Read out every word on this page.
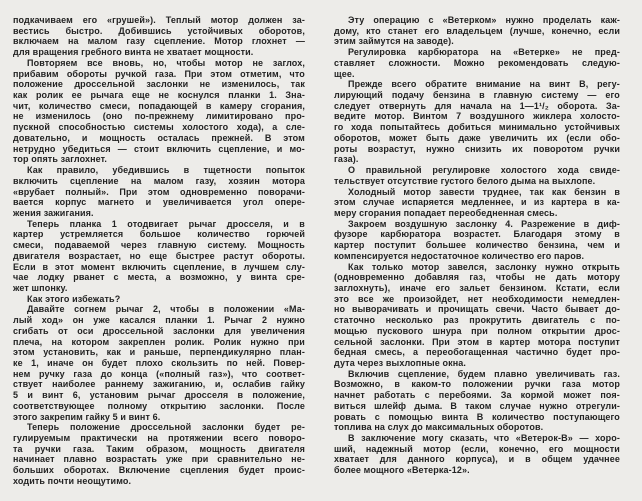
подкачиваем его «грушей»). Теплый мотор должен за-
вестись быстро. Добившись устойчивых оборотов,
включаем на малом газу сцепление. Мотор глохнет —
для вращения гребного винта не хватает мощности.
Повторяем все вновь, но, чтобы мотор не заглох,
прибавим обороты ручкой газа. При этом отметим, что
положение дроссельной заслонки не изменилось, так
как ролик ее рычага еще не коснулся планки 1. Зна-
чит, количество смеси, попадающей в камеру сгорания,
не изменилось (оно по-прежнему лимитировано про-
пускной способностью системы холостого хода), а сле-
довательно, и мощность осталась прежней. В этом
нетрудно убедиться — стоит включить сцепление, и мо-
тор опять заглохнет.
Как правило, убедившись в тщетности попыток
включить сцепление на малом газу, хозяин мотора
«врубает полный». При этом одновременно поворачи-
вается корпус магнето и увеличивается угол опере-
жения зажигания.
Теперь планка 1 отодвигает рычаг дросселя, и в
картер устремляется большое количество горючей
смеси, подаваемой через главную систему. Мощность
двигателя возрастает, но еще быстрее растут обороты.
Если в этот момент включить сцепление, в лучшем слу-
чае лодку рванет с места, а возможно, у винта сре-
жет шпонку.
Как этого избежать?
Давайте согнем рычаг 2, чтобы в положении «Ма-
лый ход» он уже касался планки 1. Рычаг 2 нужно
сгибать от оси дроссельной заслонки для увеличения
плеча, на котором закреплен ролик. Ролик нужно при
этом установить, как и раньше, перпендикулярно план-
ке 1, иначе он будет плохо скользить по ней. Повер-
нем ручку газа до конца («полный газ»), что соответ-
ствует наиболее раннему зажиганию, и, ослабив гайку
5 и винт 6, установим рычаг дросселя в положение,
соответствующее полному открытию заслонки. После
этого закрепим гайку 5 и винт 6.
Теперь положение дроссельной заслонки будет ре-
гулируемым практически на протяжении всего поворо-
та ручки газа. Таким образом, мощность двигателя
начинает плавно возрастать уже при сравнительно не-
больших оборотах. Включение сцепления будет проис-
ходить почти неощутимо.
Эту операцию с «Ветерком» нужно проделать каж-
дому, кто станет его владельцем (лучше, конечно, если
этим займутся на заводе).
Регулировка карбюратора на «Ветерке» не пред-
ставляет сложности. Можно рекомендовать следую-
щее.
Прежде всего обратите внимание на винт В, регу-
лирующий подачу бензина в главную систему — его
следует отвернуть для начала на 1—1¹/₂ оборота. За-
ведите мотор. Винтом 7 воздушного жиклера холосто-
го хода попытайтесь добиться минимально устойчивых
оборотов, может быть даже увеличить их (если обо-
роты возрастут, нужно снизить их поворотом ручки
газа).
О правильной регулировке холостого хода свиде-
тельствует отсутствие густого белого дыма на выхлопе.
Холодный мотор завести труднее, так как бензин в
этом случае испаряется медленнее, и из картера в ка-
меру сгорания попадает переобедненная смесь.
Закроем воздушную заслонку 4. Разрежение в диф-
фузоре карбюратора возрастет. Благодаря этому в
картер поступит большее количество бензина, чем и
компенсируется недостаточное количество его паров.
Как только мотор завелся, заслонку нужно открыть
(одновременно добавляя газ, чтобы не дать мотору
заглохнуть), иначе его зальет бензином. Кстати, если
это все же произойдет, нет необходимости немедлен-
но выворачивать и прочищать свечи. Часто бывает до-
статочно несколько раз прокрутить двигатель с по-
мощью пускового шнура при полном открытии дрос-
сельной заслонки. При этом в картер мотора поступит
бедная смесь, а переобогащенная частично будет про-
дута через выхлопные окна.
Включив сцепление, будем плавно увеличивать газ.
Возможно, в каком-то положении ручки газа мотор
начнет работать с перебоями. За кормой может поя-
виться шлейф дыма. В таком случае нужно отрегули-
ровать с помощью винта В количество поступающего
топлива на слух до максимальных оборотов.
В заключение могу сказать, что «Ветерок-В» — хоро-
ший, надежный мотор (если, конечно, его мощности
хватает для данного корпуса), и в общем удачнее
более мощного «Ветерка-12».
